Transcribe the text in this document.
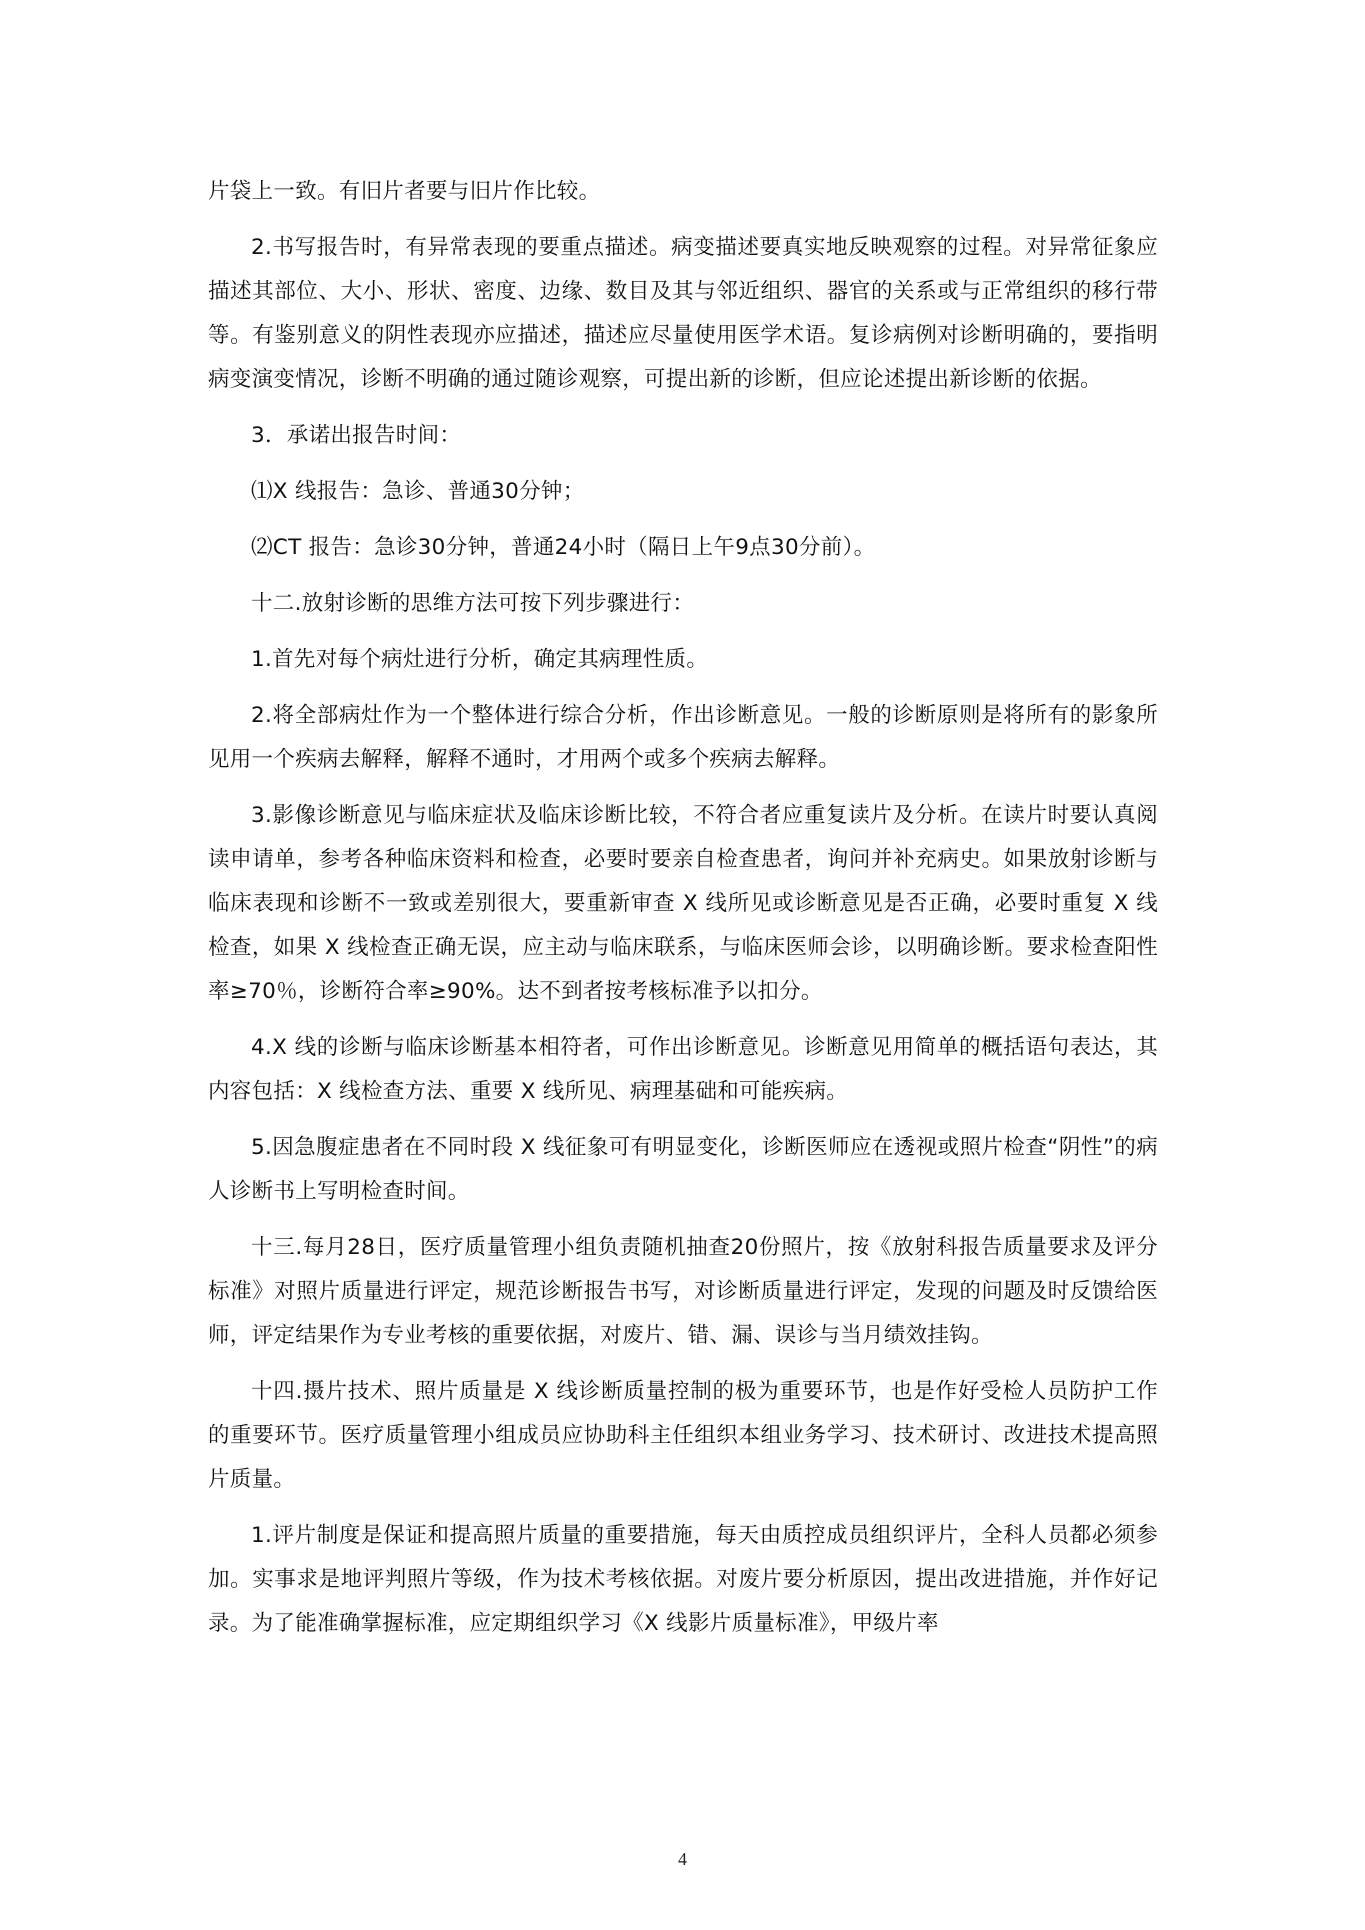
片袋上一致。有旧片者要与旧片作比较。

2.书写报告时，有异常表现的要重点描述。病变描述要真实地反映观察的过程。对异常征象应描述其部位、大小、形状、密度、边缘、数目及其与邻近组织、器官的关系或与正常组织的移行带等。有鉴别意义的阴性表现亦应描述，描述应尽量使用医学术语。复诊病例对诊断明确的，要指明病变演变情况，诊断不明确的通过随诊观察，可提出新的诊断，但应论述提出新诊断的依据。

3．承诺出报告时间：

⑴X 线报告：急诊、普通30分钟；

⑵CT 报告：急诊30分钟，普通24小时（隔日上午9点30分前）。

十二.放射诊断的思维方法可按下列步骤进行：

1.首先对每个病灶进行分析，确定其病理性质。

2.将全部病灶作为一个整体进行综合分析，作出诊断意见。一般的诊断原则是将所有的影象所见用一个疾病去解释，解释不通时，才用两个或多个疾病去解释。

3.影像诊断意见与临床症状及临床诊断比较，不符合者应重复读片及分析。在读片时要认真阅读申请单，参考各种临床资料和检查，必要时要亲自检查患者，询问并补充病史。如果放射诊断与临床表现和诊断不一致或差别很大，要重新审查 X 线所见或诊断意见是否正确，必要时重复 X 线检查，如果 X 线检查正确无误，应主动与临床联系，与临床医师会诊，以明确诊断。要求检查阳性率≥70％，诊断符合率≥90%。达不到者按考核标准予以扣分。

4.X 线的诊断与临床诊断基本相符者，可作出诊断意见。诊断意见用简单的概括语句表达，其内容包括：X 线检查方法、重要 X 线所见、病理基础和可能疾病。

5.因急腹症患者在不同时段 X 线征象可有明显变化，诊断医师应在透视或照片检查“阴性”的病人诊断书上写明检查时间。

十三.每月28日，医疗质量管理小组负责随机抽查20份照片，按《放射科报告质量要求及评分标准》对照片质量进行评定，规范诊断报告书写，对诊断质量进行评定，发现的问题及时反馈给医师，评定结果作为专业考核的重要依据，对废片、错、漏、误诊与当月绩效挂钩。

十四.摄片技术、照片质量是 X 线诊断质量控制的极为重要环节，也是作好受检人员防护工作的重要环节。医疗质量管理小组成员应协助科主任组织本组业务学习、技术研讨、改进技术提高照片质量。

1.评片制度是保证和提高照片质量的重要措施，每天由质控成员组织评片，全科人员都必须参加。实事求是地评判照片等级，作为技术考核依据。对废片要分析原因，提出改进措施，并作好记录。为了能准确掌握标准，应定期组织学习《X 线影片质量标准》，甲级片率

4
